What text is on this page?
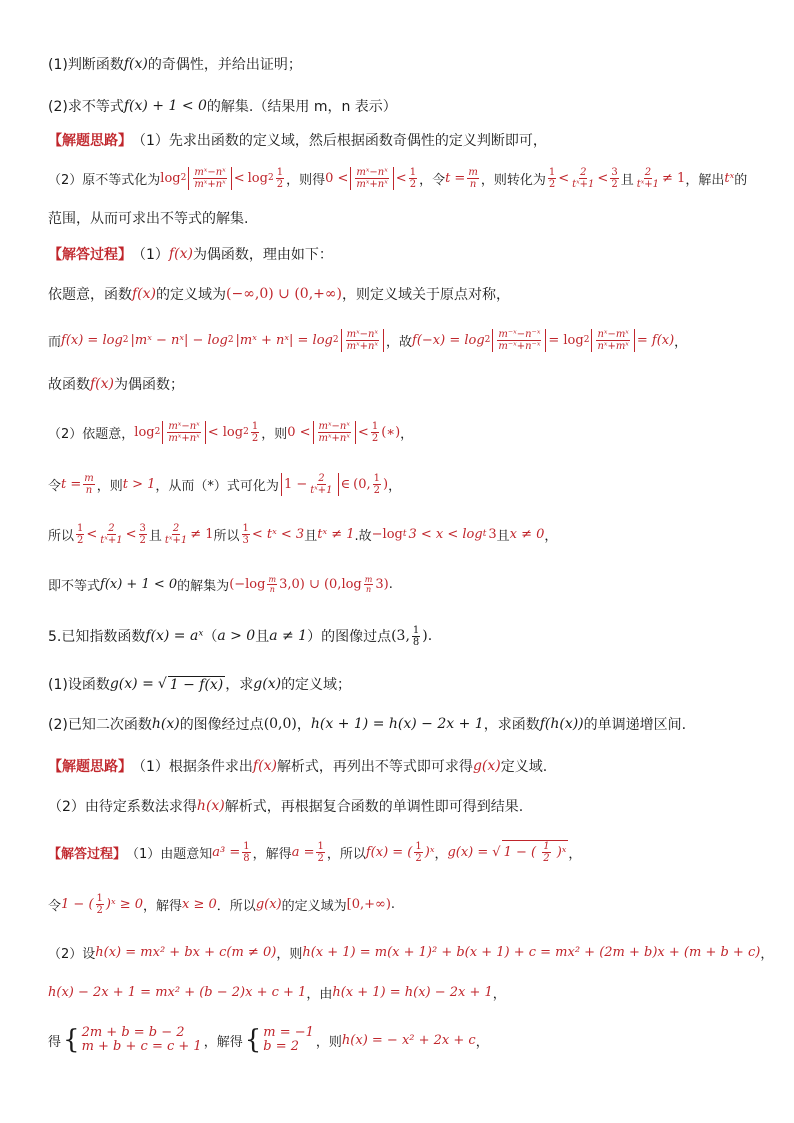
(1)判断函数 f(x) 的奇偶性，并给出证明；
(2)求不等式 f(x) + 1 < 0 的解集.（结果用 m，n 表示）
【解题思路】 （1）先求出函数的定义域，然后根据函数奇偶性的定义判断即可，
（2）原不等式化为 $\log 2 \frac{\text{mˣ−nˣ}}{\text{mˣ+nˣ}} < \log 2 \frac{1}{2}$ ，则得 $0 < \frac{\text{mˣ−nˣ}}{\text{mˣ+nˣ}} < \frac{1}{2}$ ，令 $t = \frac{m}{n}$ ，则转化为 $\frac{1}{2} < \frac{2}{\text{tˣ+1}} < \frac{3}{2}$ 且 $\frac{2}{\text{tˣ+1}} \ne 1$ ，解出 tˣ 的
范围，从而可求出不等式的解集.
【解答过程】 （1） f(x) 为偶函数，理由如下：
依题意，函数 f(x) 的定义域为 (−∞,0) ∪ (0,+∞) ，则定义域关于原点对称，
而 f(x) = log 2 |mˣ − nˣ| − log 2 |mˣ + nˣ| = $\log 2 \frac{\text{mˣ−nˣ}}{\text{mˣ+nˣ}}$ ，故 $f(-x) = \log 2 \frac{\text{m⁻ˣ−n⁻ˣ}}{\text{m⁻ˣ+n⁻ˣ}} = \log 2 \frac{\text{nˣ−mˣ}}{\text{nˣ+mˣ}} = f(x)$ ，
故函数 f(x) 为偶函数；
（2）依题意， $\log 2 \frac{\text{mˣ−nˣ}}{\text{mˣ+nˣ}} < \log 2 \frac{1}{2}$ ，则 $0 < \frac{\text{mˣ−nˣ}}{\text{mˣ+nˣ}} < \frac{1}{2}$ (∗) ，
令 $t = \frac{m}{n}$ ，则 t > 1 ，从而（*）式可化为 $1 - \frac{2}{\text{tˣ+1}}$ ∈ (0, $\frac{1}{2}$ ) ，
所以 $\frac{1}{2} < \frac{2}{\text{tˣ+1}} < \frac{3}{2}$ 且 $\frac{2}{\text{tˣ+1}} \ne 1$ 所以 $\frac{1}{3}$ < tˣ < 3 且 tˣ ≠ 1 .故 −log t 3 < x < log t 3 且 x ≠ 0 ，
即不等式 f(x) + 1 < 0 的解集为 $(-\log \frac{m}{n} 3,0)$ ∪ $(0,\log \frac{m}{n} 3)$ .
5.已知指数函数 f(x) = aˣ （ a > 0 且 a ≠ 1 ）的图像过点 (3, $\frac{1}{8}$ ) .
(1)设函数 g(x) = √ 1 − f(x) ，求 g(x) 的定义域；
(2)已知二次函数 h(x) 的图像经过点 (0,0) ， h(x + 1) = h(x) − 2x + 1 ，求函数 f(h(x)) 的单调递增区间.
【解题思路】 （1）根据条件求出 f(x) 解析式，再列出不等式即可求得 g(x) 定义域.
（2）由待定系数法求得 h(x) 解析式，再根据复合函数的单调性即可得到结果.
【解答过程】 （1）由题意知 $a^3 = \frac{1}{8}$ ，解得 $a = \frac{1}{2}$ ，所以 f(x) = ( $\frac{1}{2}$ )ˣ ， g(x) = √ 1 − ( $\frac{1}{2}$ )ˣ ，
令 1 − ( $\frac{1}{2}$ )ˣ ≥ 0 ，解得 x ≥ 0 ．所以 g(x) 的定义域为 [0,+∞) .
（2）设 h(x) = mx² + bx + c(m ≠ 0) ，则 h(x + 1) = m(x + 1)² + b(x + 1) + c = mx² + (2m + b)x + (m + b + c) ，
h(x) − 2x + 1 = mx² + (b − 2)x + c + 1 ，由 h(x + 1) = h(x) − 2x + 1 ，
得 { 2m + b = b − 2
m + b + c = c + 1 ，解得 { m = −1
b = 2	，则 h(x) = − x² + 2x + c ，
